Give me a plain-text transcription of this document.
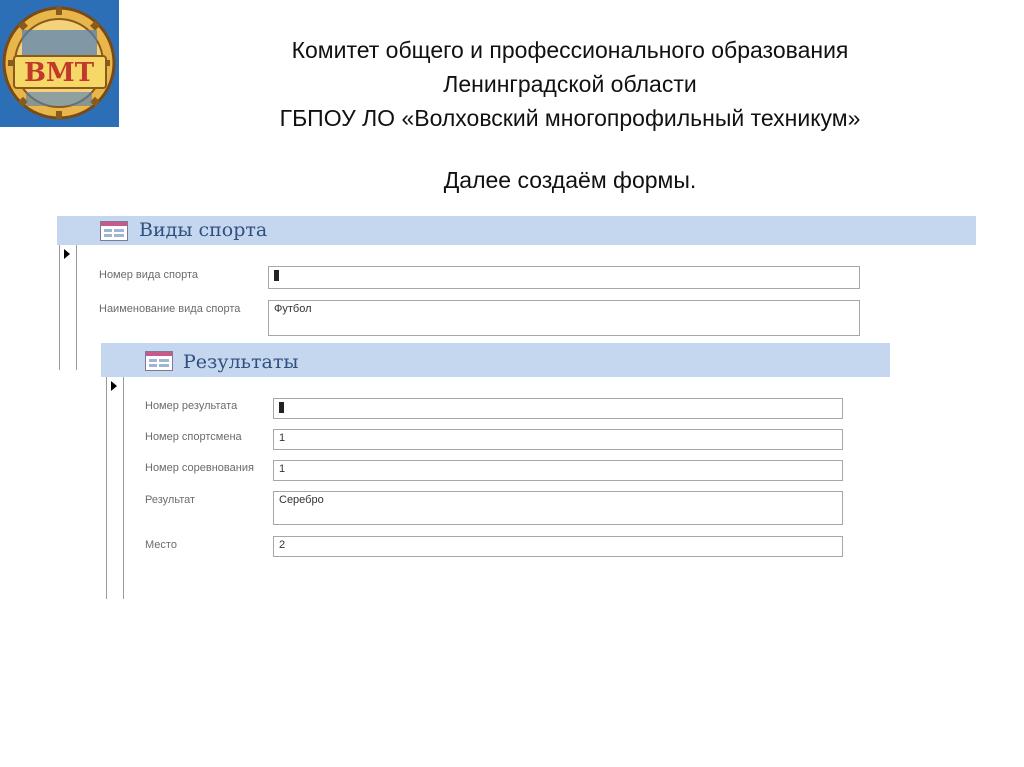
ВМТ
Комитет общего и профессионального образования
Ленинградской области
ГБПОУ ЛО «Волховский многопрофильный техникум»
Далее создаём формы.
Виды спорта
Номер вида спорта
Наименование вида спорта	Футбол
Результаты
Номер результата
Номер спортсмена	1
Номер соревнования	1
Результат	Серебро
Место	2
